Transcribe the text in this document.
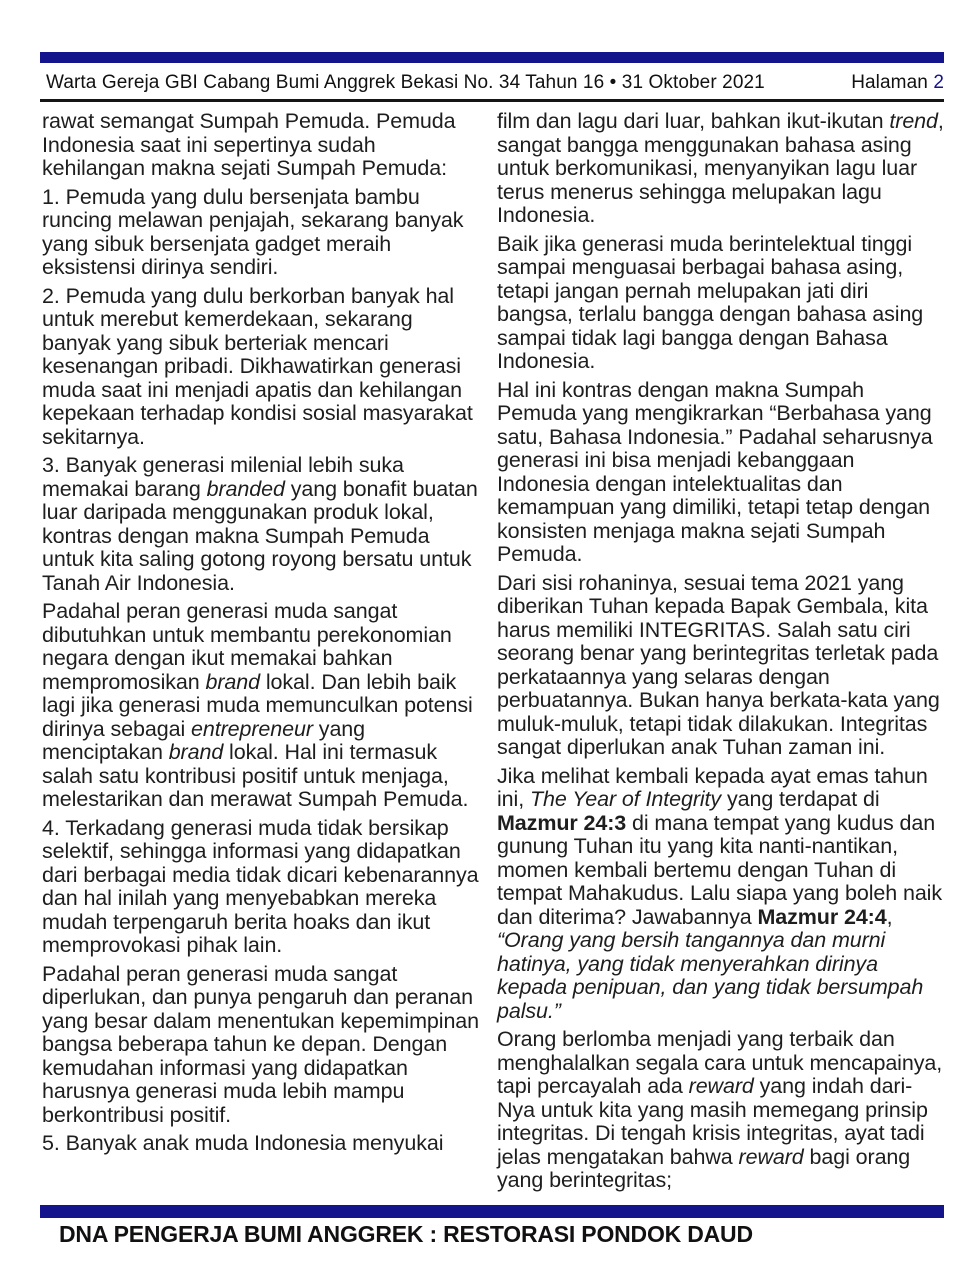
Warta Gereja GBI Cabang Bumi Anggrek Bekasi No. 34 Tahun 16 • 31 Oktober 2021	Halaman 2

rawat semangat Sumpah Pemuda. Pemuda Indonesia saat ini sepertinya sudah kehilangan makna sejati Sumpah Pemuda:

1. Pemuda yang dulu bersenjata bambu runcing melawan penjajah, sekarang banyak yang sibuk bersenjata gadget meraih eksistensi dirinya sendiri.

2. Pemuda yang dulu berkorban banyak hal untuk merebut kemerdekaan, sekarang banyak yang sibuk berteriak mencari kesenangan pribadi. Dikhawatirkan generasi muda saat ini menjadi apatis dan kehilangan kepekaan terhadap kondisi sosial masyarakat sekitarnya.

3. Banyak generasi milenial lebih suka memakai barang branded yang bonafit buatan luar daripada menggunakan produk lokal, kontras dengan makna Sumpah Pemuda untuk kita saling gotong royong bersatu untuk Tanah Air Indonesia.

Padahal peran generasi muda sangat dibutuhkan untuk membantu perekonomian negara dengan ikut memakai bahkan mempromosikan brand lokal. Dan lebih baik lagi jika generasi muda memunculkan potensi dirinya sebagai entrepreneur yang menciptakan brand lokal. Hal ini termasuk salah satu kontribusi positif untuk menjaga, melestarikan dan merawat Sumpah Pemuda.

4. Terkadang generasi muda tidak bersikap selektif, sehingga informasi yang didapatkan dari berbagai media tidak dicari kebenarannya dan hal inilah yang menyebabkan mereka mudah terpengaruh berita hoaks dan ikut memprovokasi pihak lain.

Padahal peran generasi muda sangat diperlukan, dan punya pengaruh dan peranan yang besar dalam menentukan kepemimpinan bangsa beberapa tahun ke depan. Dengan kemudahan informasi yang didapatkan harusnya generasi muda lebih mampu berkontribusi positif.

5. Banyak anak muda Indonesia menyukai

film dan lagu dari luar, bahkan ikut-ikutan trend, sangat bangga menggunakan bahasa asing untuk berkomunikasi, menyanyikan lagu luar terus menerus sehingga melupakan lagu Indonesia.

Baik jika generasi muda berintelektual tinggi sampai menguasai berbagai bahasa asing, tetapi jangan pernah melupakan jati diri bangsa, terlalu bangga dengan bahasa asing sampai tidak lagi bangga dengan Bahasa Indonesia.

Hal ini kontras dengan makna Sumpah Pemuda yang mengikrarkan “Berbahasa yang satu, Bahasa Indonesia.” Padahal seharusnya generasi ini bisa menjadi kebanggaan Indonesia dengan intelektualitas dan kemampuan yang dimiliki, tetapi tetap dengan konsisten menjaga makna sejati Sumpah Pemuda.

Dari sisi rohaninya, sesuai tema 2021 yang diberikan Tuhan kepada Bapak Gembala, kita harus memiliki INTEGRITAS. Salah satu ciri seorang benar yang berintegritas terletak pada perkataannya yang selaras dengan perbuatannya. Bukan hanya berkata-kata yang muluk-muluk, tetapi tidak dilakukan. Integritas sangat diperlukan anak Tuhan zaman ini.

Jika melihat kembali kepada ayat emas tahun ini, The Year of Integrity yang terdapat di Mazmur 24:3 di mana tempat yang kudus dan gunung Tuhan itu yang kita nanti-nantikan, momen kembali bertemu dengan Tuhan di tempat Mahakudus. Lalu siapa yang boleh naik dan diterima? Jawabannya Mazmur 24:4, “Orang yang bersih tangannya dan murni hatinya, yang tidak menyerahkan dirinya kepada penipuan, dan yang tidak bersumpah palsu.”

Orang berlomba menjadi yang terbaik dan menghalalkan segala cara untuk mencapainya, tapi percayalah ada reward yang indah dari-Nya untuk kita yang masih memegang prinsip integritas. Di tengah krisis integritas, ayat tadi jelas mengatakan bahwa reward bagi orang yang berintegritas;

DNA PENGERJA BUMI ANGGREK : RESTORASI PONDOK DAUD
